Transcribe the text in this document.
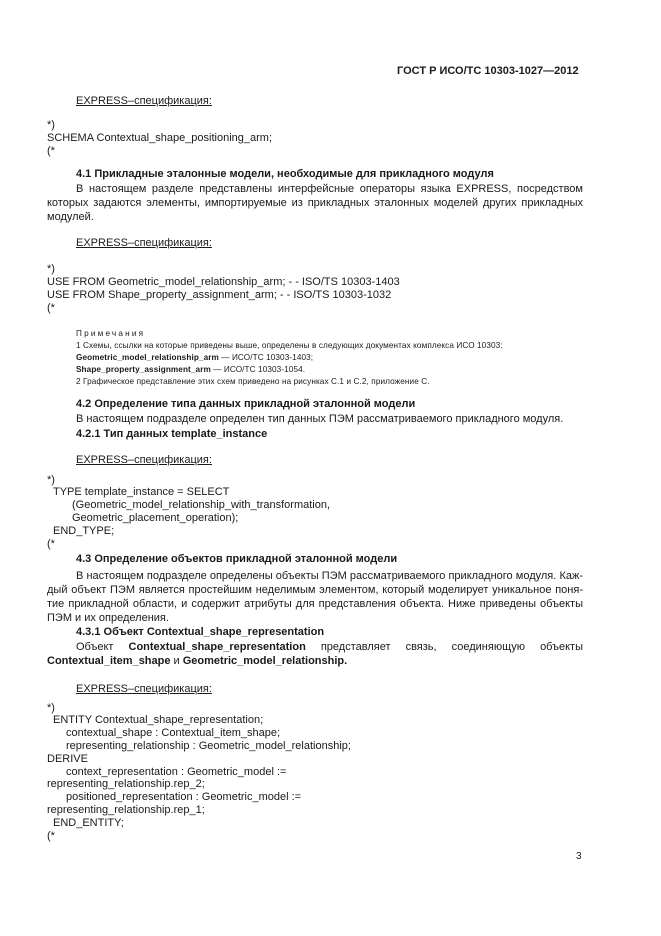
ГОСТ Р ИСО/ТС 10303-1027—2012
EXPRESS–спецификация:
*)
SCHEMA Contextual_shape_positioning_arm;
(*
4.1 Прикладные эталонные модели, необходимые для прикладного модуля
В настоящем разделе представлены интерфейсные операторы языка EXPRESS, посредством
которых задаются элементы, импортируемые из прикладных эталонных моделей других прикладных
модулей.
EXPRESS–спецификация:
*)
USE FROM Geometric_model_relationship_arm; - - ISO/TS 10303-1403
USE FROM Shape_property_assignment_arm; - - ISO/TS 10303-1032
(*
Примечания
1 Схемы, ссылки на которые приведены выше, определены в следующих документах комплекса ИСО 10303:
Geometric_model_relationship_arm — ИСО/ТС 10303-1403;
Shape_property_assignment_arm — ИСО/ТС 10303-1054.
2 Графическое представление этих схем приведено на рисунках С.1 и С.2, приложение С.
4.2 Определение типа данных прикладной эталонной модели
В настоящем подразделе определен тип данных ПЭМ рассматриваемого прикладного модуля.
4.2.1 Тип данных template_instance
EXPRESS–спецификация:
*)
TYPE template_instance = SELECT
(Geometric_model_relationship_with_transformation,
Geometric_placement_operation);
END_TYPE;
(*
4.3 Определение объектов прикладной эталонной модели
В настоящем подразделе определены объекты ПЭМ рассматриваемого прикладного модуля. Каж-
дый объект ПЭМ является простейшим неделимым элементом, который моделирует уникальное поня-
тие прикладной области, и содержит атрибуты для представления объекта. Ниже приведены объекты
ПЭМ и их определения.
4.3.1 Объект Contextual_shape_representation
Объект Contextual_shape_representation представляет связь, соединяющую объекты
Contextual_item_shape и Geometric_model_relationship.
EXPRESS–спецификация:
*)
ENTITY Contextual_shape_representation;
contextual_shape : Contextual_item_shape;
representing_relationship : Geometric_model_relationship;
DERIVE
context_representation : Geometric_model :=
representing_relationship.rep_2;
positioned_representation : Geometric_model :=
representing_relationship.rep_1;
END_ENTITY;
(*
3
